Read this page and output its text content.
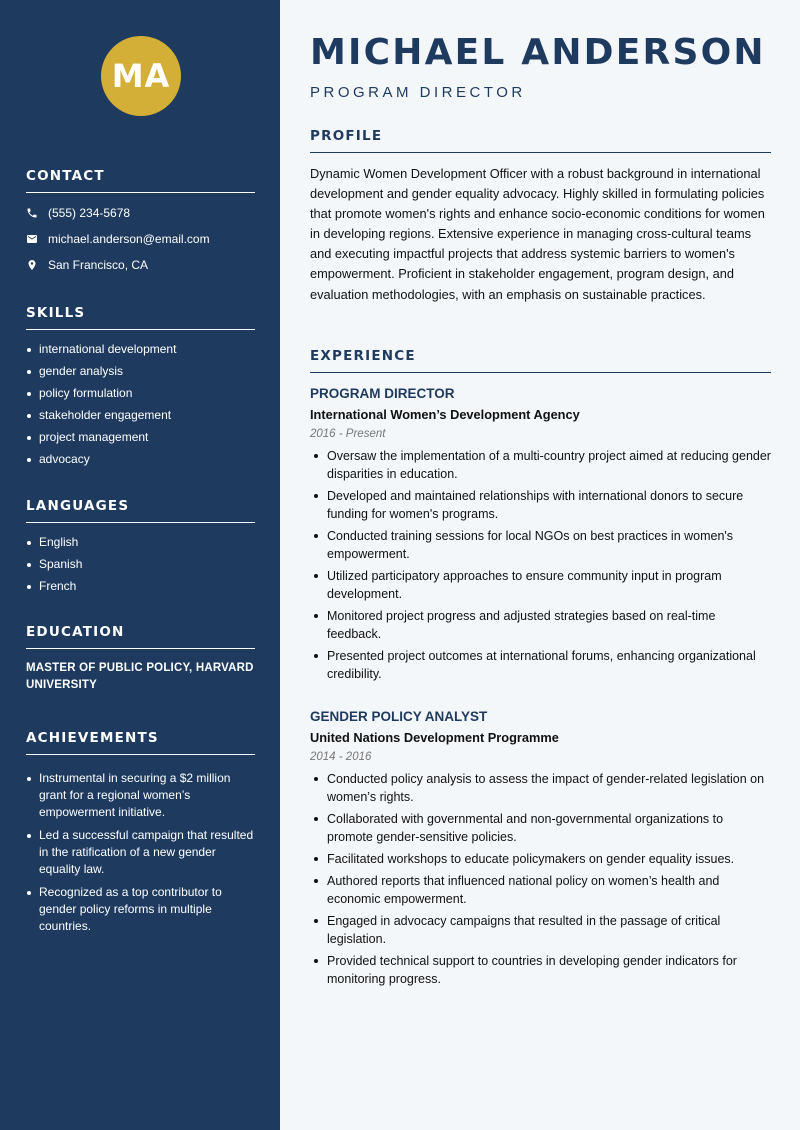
MA
CONTACT
(555) 234-5678
michael.anderson@email.com
San Francisco, CA
SKILLS
international development
gender analysis
policy formulation
stakeholder engagement
project management
advocacy
LANGUAGES
English
Spanish
French
EDUCATION
MASTER OF PUBLIC POLICY, HARVARD UNIVERSITY
ACHIEVEMENTS
Instrumental in securing a $2 million grant for a regional women’s empowerment initiative.
Led a successful campaign that resulted in the ratification of a new gender equality law.
Recognized as a top contributor to gender policy reforms in multiple countries.
MICHAEL ANDERSON
PROGRAM DIRECTOR
PROFILE
Dynamic Women Development Officer with a robust background in international development and gender equality advocacy. Highly skilled in formulating policies that promote women's rights and enhance socio-economic conditions for women in developing regions. Extensive experience in managing cross-cultural teams and executing impactful projects that address systemic barriers to women's empowerment. Proficient in stakeholder engagement, program design, and evaluation methodologies, with an emphasis on sustainable practices.
EXPERIENCE
PROGRAM DIRECTOR
International Women’s Development Agency
2016 - Present
Oversaw the implementation of a multi-country project aimed at reducing gender disparities in education.
Developed and maintained relationships with international donors to secure funding for women's programs.
Conducted training sessions for local NGOs on best practices in women's empowerment.
Utilized participatory approaches to ensure community input in program development.
Monitored project progress and adjusted strategies based on real-time feedback.
Presented project outcomes at international forums, enhancing organizational credibility.
GENDER POLICY ANALYST
United Nations Development Programme
2014 - 2016
Conducted policy analysis to assess the impact of gender-related legislation on women’s rights.
Collaborated with governmental and non-governmental organizations to promote gender-sensitive policies.
Facilitated workshops to educate policymakers on gender equality issues.
Authored reports that influenced national policy on women’s health and economic empowerment.
Engaged in advocacy campaigns that resulted in the passage of critical legislation.
Provided technical support to countries in developing gender indicators for monitoring progress.
